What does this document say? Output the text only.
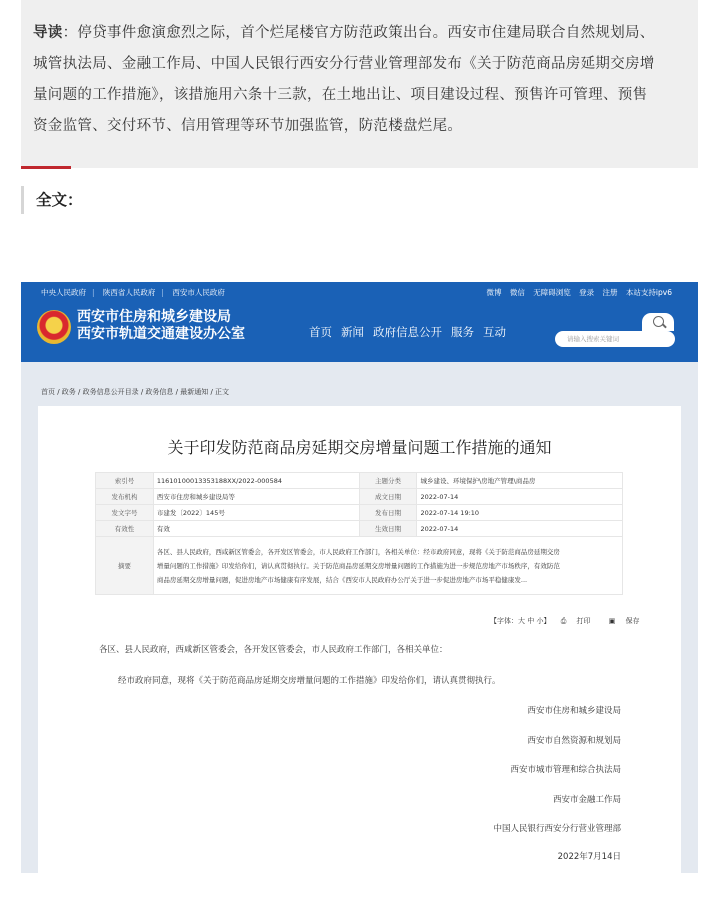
导读：停贷事件愈演愈烈之际，首个烂尾楼官方防范政策出台。西安市住建局联合自然规划局、
城管执法局、金融工作局、中国人民银行西安分行营业管理部发布《关于防范商品房延期交房增
量问题的工作措施》，该措施用六条十三款，在土地出让、项目建设过程、预售许可管理、预售
资金监管、交付环节、信用管理等环节加强监管，防范楼盘烂尾。

全文：
中央人民政府 | 陕西省人民政府 | 西安市人民政府	微博 微信 无障碍浏览 登录 注册 本站支持ipv6
西安市住房和城乡建设局
西安市轨道交通建设办公室	首页 新闻 政府信息公开 服务 互动	请输入搜索关键词
首页 / 政务 / 政务信息公开目录 / 政务信息 / 最新通知 / 正文
关于印发防范商品房延期交房增量问题工作措施的通知
索引号	11610100013353188XX/2022-000584	主题分类	城乡建设、环境保护\房地产管理\商品房
发布机构	西安市住房和城乡建设局等	成文日期	2022-07-14
发文字号	市建发〔2022〕145号	发布日期	2022-07-14 19:10
有效性	有效	生效日期	2022-07-14
摘要	各区、县人民政府，西咸新区管委会，各开发区管委会，市人民政府工作部门，各相关单位：经市政府同意，现将《关于防范商品房延期交房
增量问题的工作措施》印发给你们，请认真贯彻执行。关于防范商品房延期交房增量问题的工作措施为进一步规范房地产市场秩序，有效防范
商品房延期交房增量问题，促进房地产市场健康有序发展，结合《西安市人民政府办公厅关于进一步促进房地产市场平稳健康发...		
【字体：大 中 小】 ⎙ 打印	▣ 保存
各区、县人民政府，西咸新区管委会，各开发区管委会，市人民政府工作部门，各相关单位：
经市政府同意，现将《关于防范商品房延期交房增量问题的工作措施》印发给你们，请认真贯彻执行。
西安市住房和城乡建设局
西安市自然资源和规划局
西安市城市管理和综合执法局
西安市金融工作局
中国人民银行西安分行营业管理部
2022年7月14日
